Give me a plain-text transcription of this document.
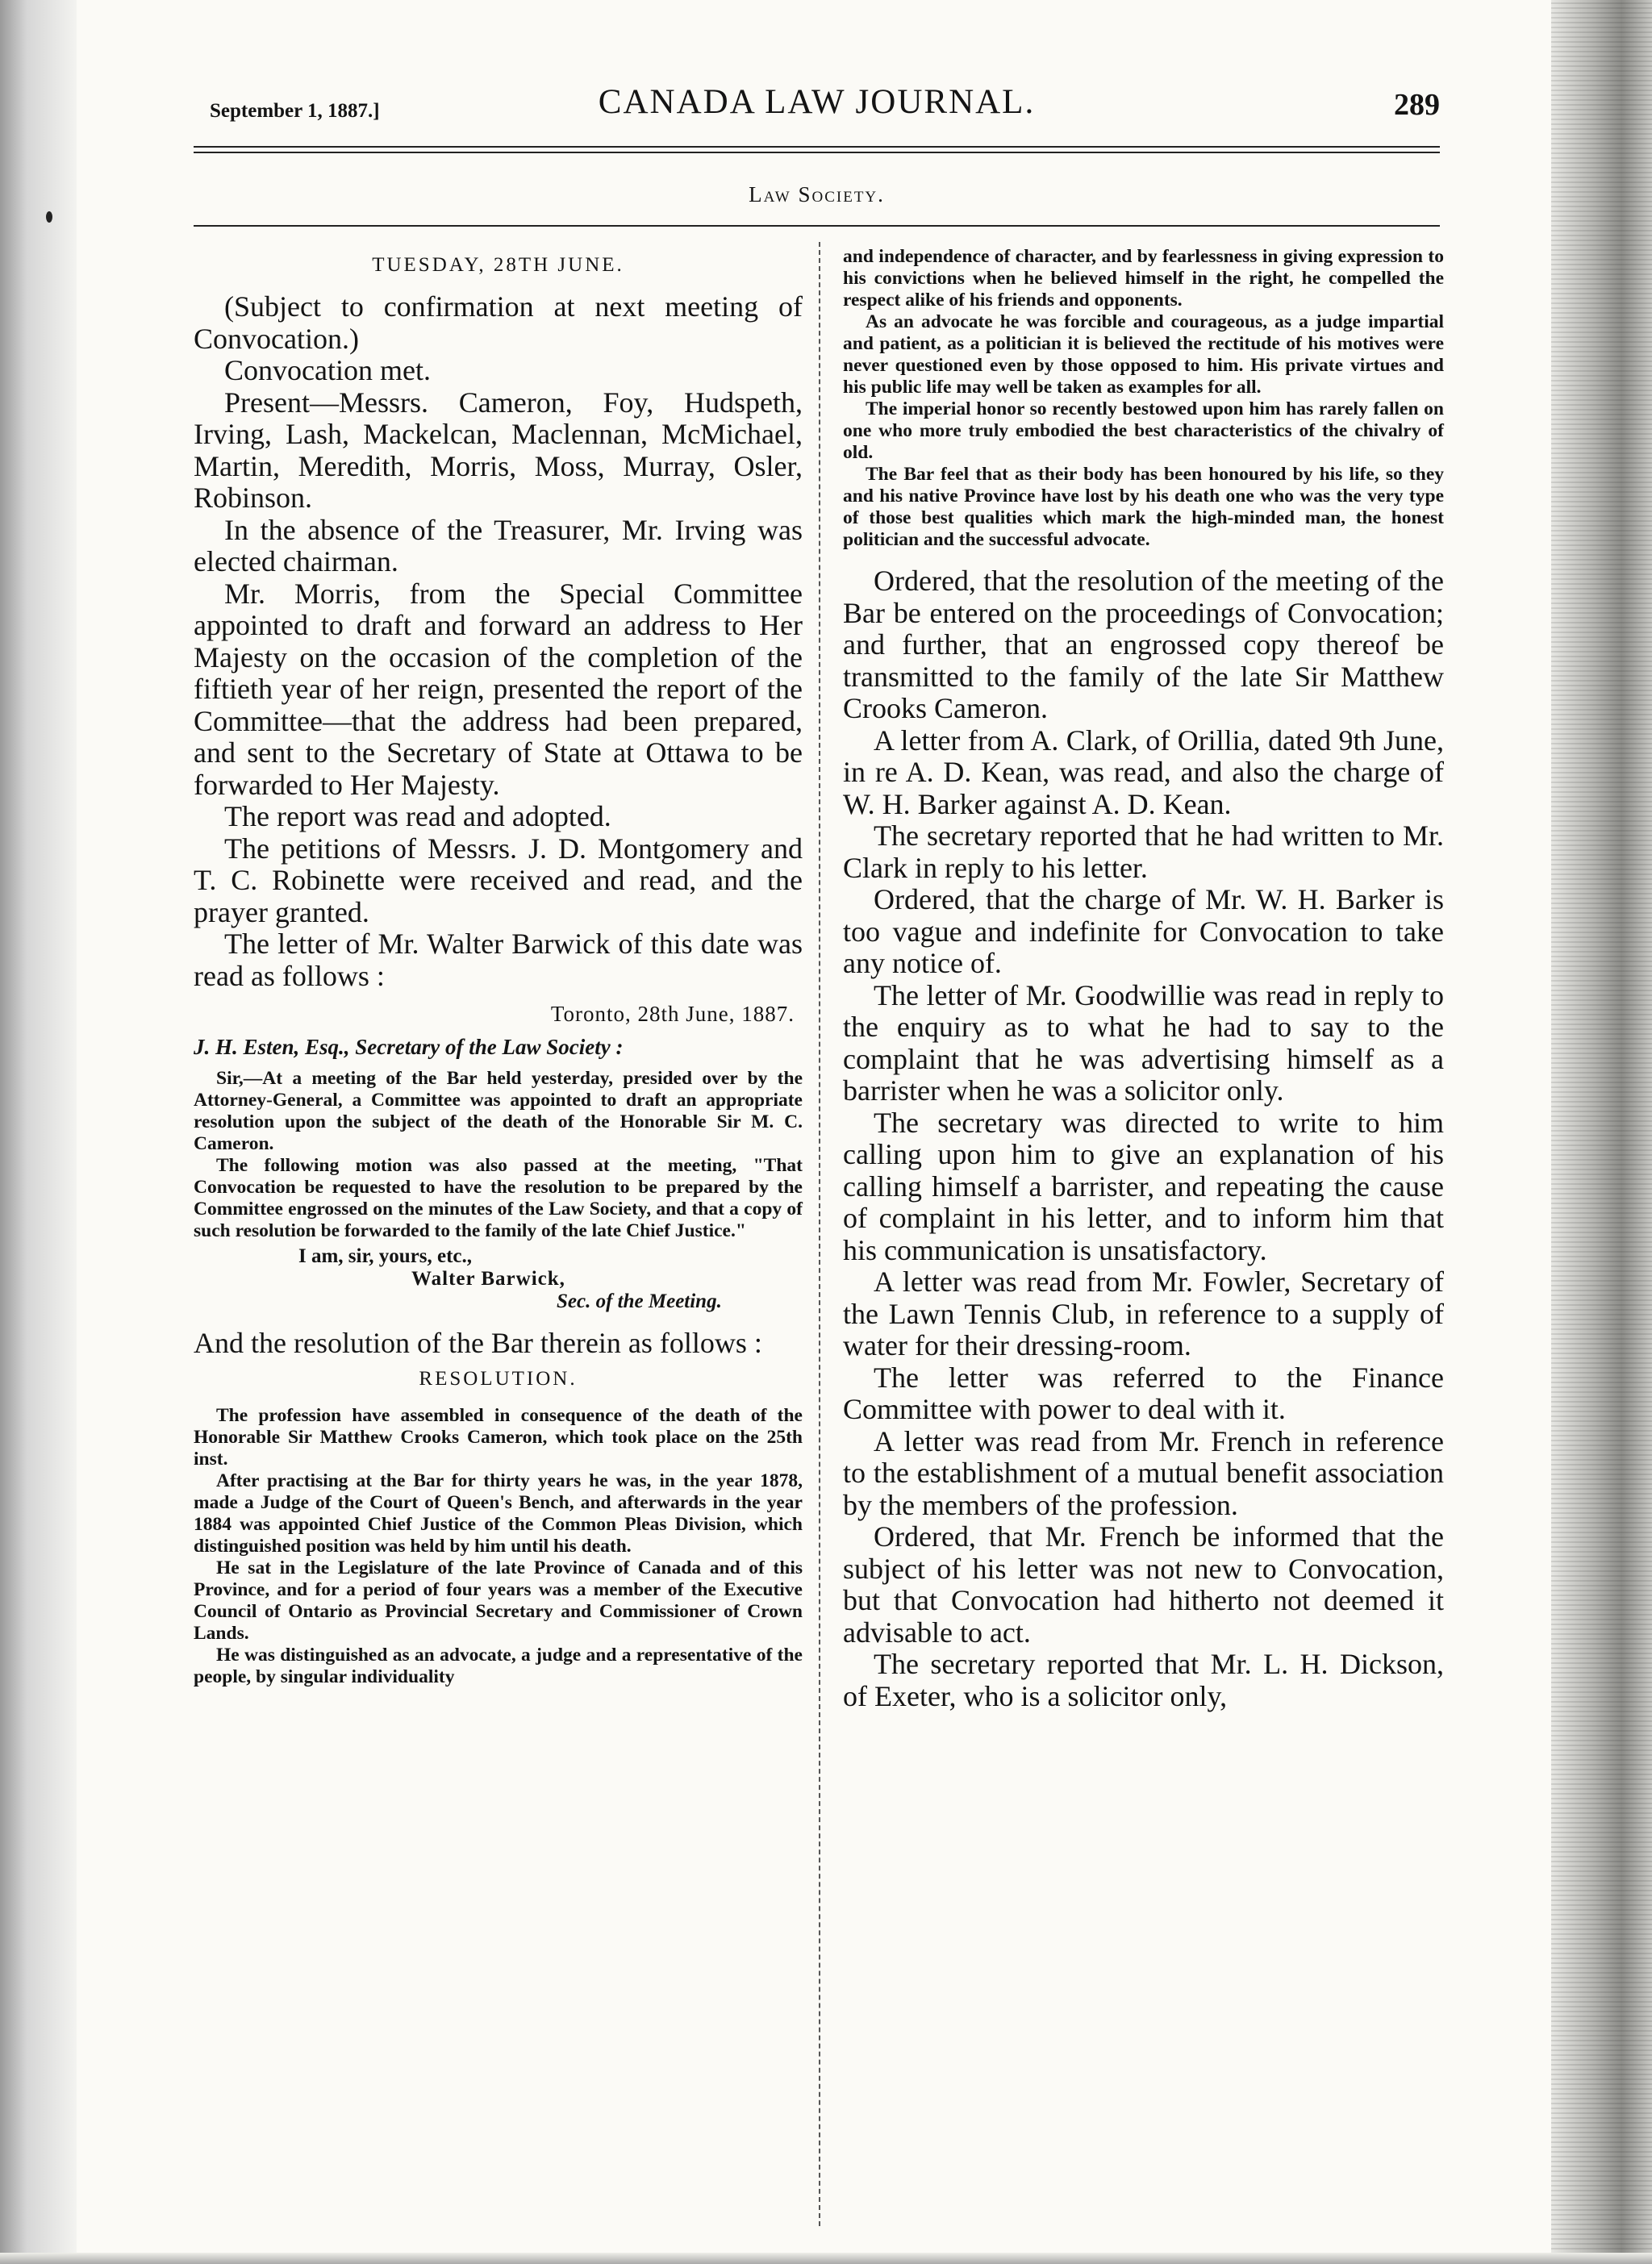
September 1, 1887.]	CANADA LAW JOURNAL.	289
Law Society.
TUESDAY, 28TH JUNE.

(Subject to confirmation at next meeting of Convocation.)

Convocation met.

Present—Messrs. Cameron, Foy, Hudspeth, Irving, Lash, Mackelcan, Maclennan, McMichael, Martin, Meredith, Morris, Moss, Murray, Osler, Robinson.

In the absence of the Treasurer, Mr. Irving was elected chairman.

Mr. Morris, from the Special Committee appointed to draft and forward an address to Her Majesty on the occasion of the completion of the fiftieth year of her reign, presented the report of the Committee—that the address had been prepared, and sent to the Secretary of State at Ottawa to be forwarded to Her Majesty.

The report was read and adopted.

The petitions of Messrs. J. D. Montgomery and T. C. Robinette were received and read, and the prayer granted.

The letter of Mr. Walter Barwick of this date was read as follows :

Toronto, 28th June, 1887.
J. H. Esten, Esq., Secretary of the Law Society :

Sir,—At a meeting of the Bar held yesterday, presided over by the Attorney-General, a Committee was appointed to draft an appropriate resolution upon the subject of the death of the Honorable Sir M. C. Cameron.

The following motion was also passed at the meeting, "That Convocation be requested to have the resolution to be prepared by the Committee engrossed on the minutes of the Law Society, and that a copy of such resolution be forwarded to the family of the late Chief Justice."

I am, sir, yours, etc.,
Walter Barwick,
Sec. of the Meeting.

And the resolution of the Bar therein as follows :

RESOLUTION.

The profession have assembled in consequence of the death of the Honorable Sir Matthew Crooks Cameron, which took place on the 25th inst.

After practising at the Bar for thirty years he was, in the year 1878, made a Judge of the Court of Queen's Bench, and afterwards in the year 1884 was appointed Chief Justice of the Common Pleas Division, which distinguished position was held by him until his death.

He sat in the Legislature of the late Province of Canada and of this Province, and for a period of four years was a member of the Executive Council of Ontario as Provincial Secretary and Commissioner of Crown Lands.

He was distinguished as an advocate, a judge and a representative of the people, by singular individuality

and independence of character, and by fearlessness in giving expression to his convictions when he believed himself in the right, he compelled the respect alike of his friends and opponents.

As an advocate he was forcible and courageous, as a judge impartial and patient, as a politician it is believed the rectitude of his motives were never questioned even by those opposed to him. His private virtues and his public life may well be taken as examples for all.

The imperial honor so recently bestowed upon him has rarely fallen on one who more truly embodied the best characteristics of the chivalry of old.

The Bar feel that as their body has been honoured by his life, so they and his native Province have lost by his death one who was the very type of those best qualities which mark the high-minded man, the honest politician and the successful advocate.

Ordered, that the resolution of the meeting of the Bar be entered on the proceedings of Convocation; and further, that an engrossed copy thereof be transmitted to the family of the late Sir Matthew Crooks Cameron.

A letter from A. Clark, of Orillia, dated 9th June, in re A. D. Kean, was read, and also the charge of W. H. Barker against A. D. Kean.

The secretary reported that he had written to Mr. Clark in reply to his letter.

Ordered, that the charge of Mr. W. H. Barker is too vague and indefinite for Convocation to take any notice of.

The letter of Mr. Goodwillie was read in reply to the enquiry as to what he had to say to the complaint that he was advertising himself as a barrister when he was a solicitor only.

The secretary was directed to write to him calling upon him to give an explanation of his calling himself a barrister, and repeating the cause of complaint in his letter, and to inform him that his communication is unsatisfactory.

A letter was read from Mr. Fowler, Secretary of the Lawn Tennis Club, in reference to a supply of water for their dressing-room.

The letter was referred to the Finance Committee with power to deal with it.

A letter was read from Mr. French in reference to the establishment of a mutual benefit association by the members of the profession.

Ordered, that Mr. French be informed that the subject of his letter was not new to Convocation, but that Convocation had hitherto not deemed it advisable to act.

The secretary reported that Mr. L. H. Dickson, of Exeter, who is a solicitor only,
